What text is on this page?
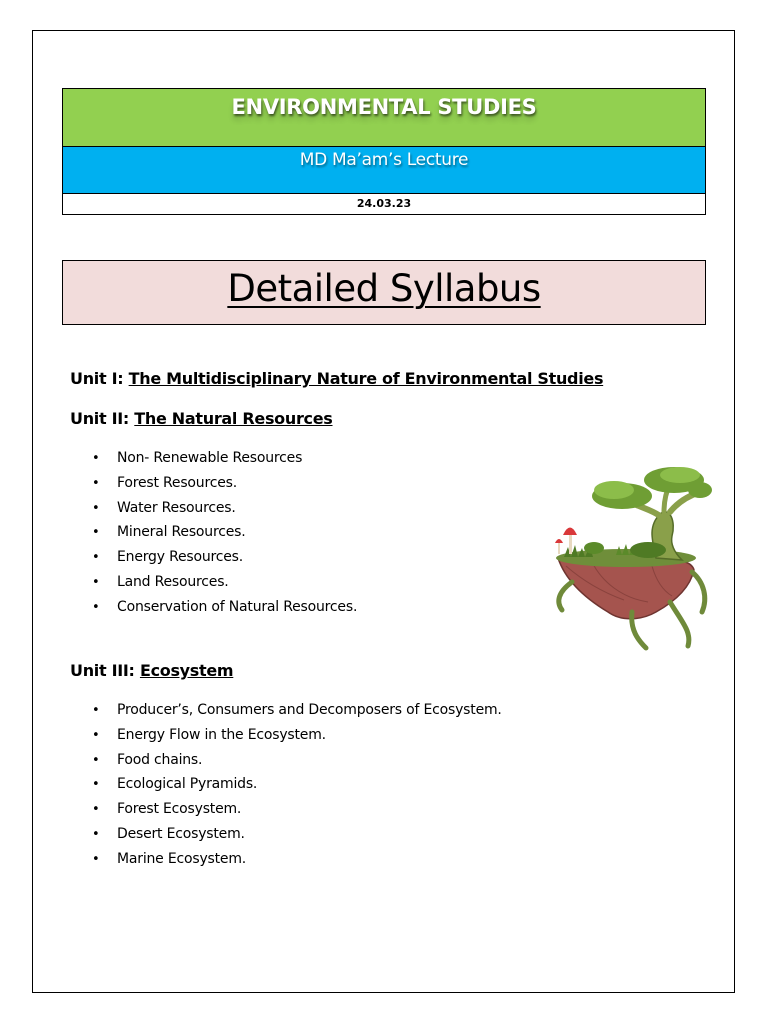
ENVIRONMENTAL STUDIES
MD Ma’am’s Lecture
24.03.23
Detailed Syllabus
Unit I: The Multidisciplinary Nature of Environmental Studies
Unit II: The Natural Resources
• Non- Renewable Resources
• Forest Resources.
• Water Resources.
• Mineral Resources.
• Energy Resources.
• Land Resources.
• Conservation of Natural Resources.
Unit III: Ecosystem
• Producer’s, Consumers and Decomposers of Ecosystem.
• Energy Flow in the Ecosystem.
• Food chains.
• Ecological Pyramids.
• Forest Ecosystem.
• Desert Ecosystem.
• Marine Ecosystem.
